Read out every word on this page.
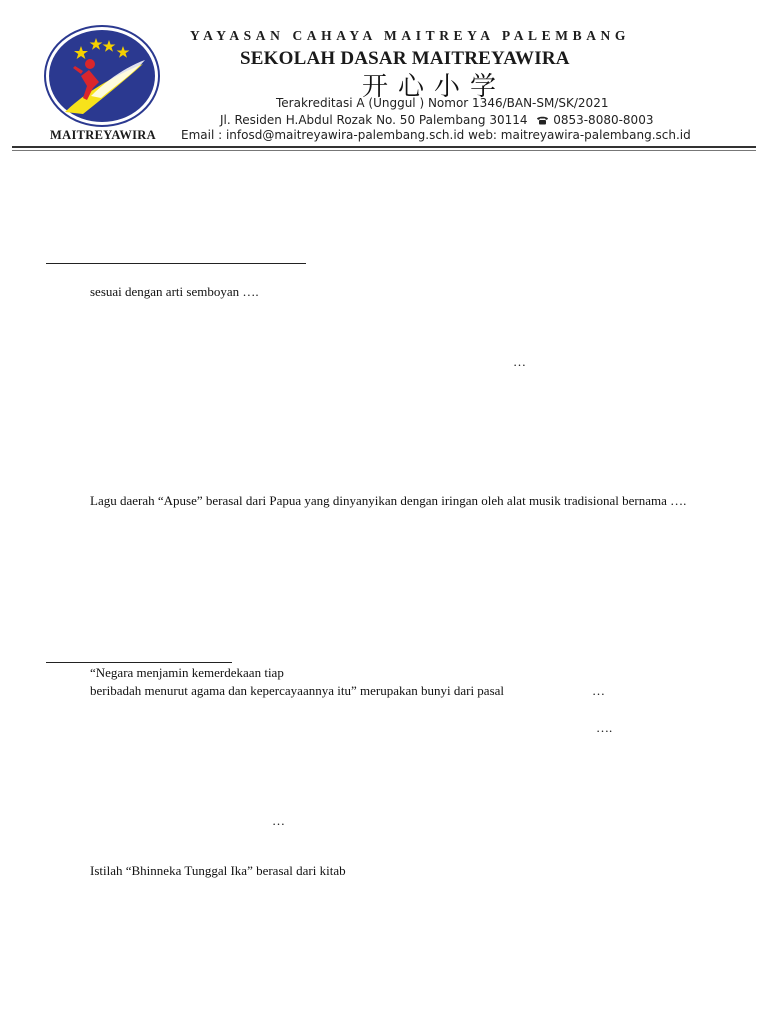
MAITREYAWIRA
YAYASAN CAHAYA MAITREYA PALEMBANG
SEKOLAH DASAR MAITREYAWIRA
开心小学
Terakreditasi A (Unggul ) Nomor 1346/BAN-SM/SK/2021
Jl. Residen H.Abdul Rozak No. 50 Palembang 30114 0853-8080-8003
Email : infosd@maitreyawira-palembang.sch.id web: maitreyawira-palembang.sch.id
sesuai dengan arti semboyan ….
…
Lagu daerah “Apuse” berasal dari Papua yang dinyanyikan dengan iringan oleh alat musik tradisional bernama ….
“Negara menjamin kemerdekaan tiap
beribadah menurut agama dan kepercayaannya itu” merupakan bunyi dari pasal	…
….
…
Istilah “Bhinneka Tunggal Ika” berasal dari kitab
